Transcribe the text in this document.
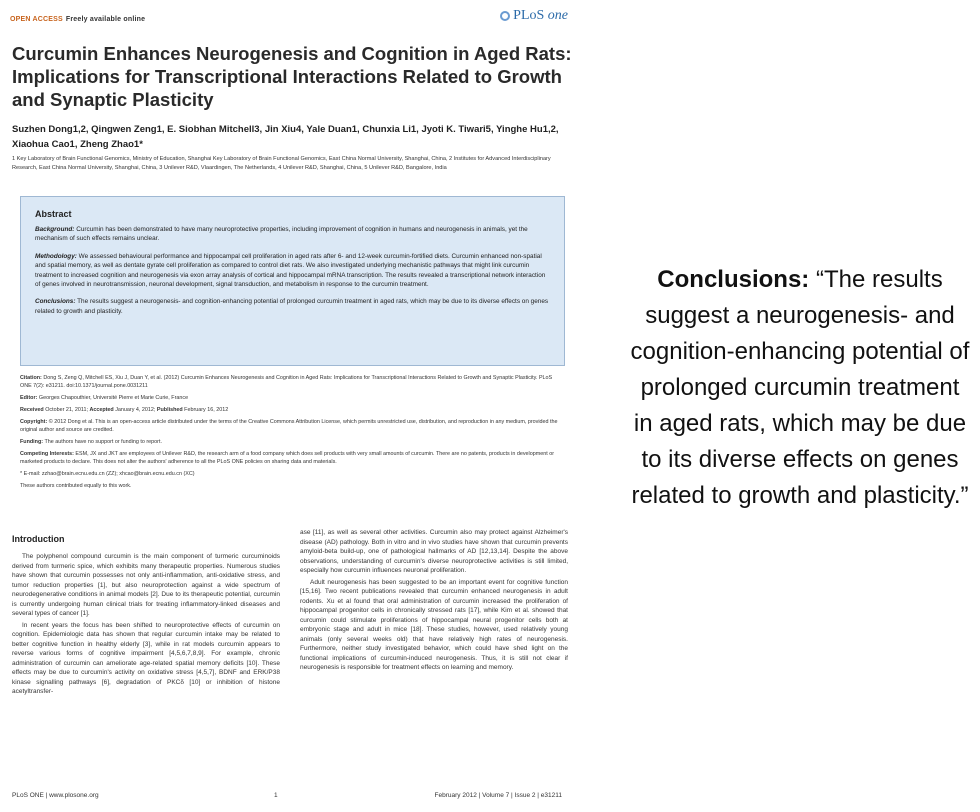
OPEN ACCESS Freely available online	PLoS one
Curcumin Enhances Neurogenesis and Cognition in Aged Rats: Implications for Transcriptional Interactions Related to Growth and Synaptic Plasticity
Suzhen Dong1,2, Qingwen Zeng1, E. Siobhan Mitchell3, Jin Xiu4, Yale Duan1, Chunxia Li1, Jyoti K. Tiwari5, Yinghe Hu1,2, Xiaohua Cao1, Zheng Zhao1*
1 Key Laboratory of Brain Functional Genomics, Ministry of Education, Shanghai Key Laboratory of Brain Functional Genomics, East China Normal University, Shanghai, China, 2 Institutes for Advanced Interdisciplinary Research, East China Normal University, Shanghai, China, 3 Unilever R&D, Vlaardingen, The Netherlands, 4 Unilever R&D, Shanghai, China, 5 Unilever R&D, Bangalore, India
Abstract

Background: Curcumin has been demonstrated to have many neuroprotective properties, including improvement of cognition in humans and neurogenesis in animals, yet the mechanism of such effects remains unclear.

Methodology: We assessed behavioural performance and hippocampal cell proliferation in aged rats after 6- and 12-week curcumin-fortified diets. Curcumin enhanced non-spatial and spatial memory, as well as dentate gyrate cell proliferation as compared to control diet rats. We also investigated underlying mechanistic pathways that might link curcumin treatment to increased cognition and neurogenesis via exon array analysis of cortical and hippocampal mRNA transcription. The results revealed a transcriptional network interaction of genes involved in neurotransmission, neuronal development, signal transduction, and metabolism in response to the curcumin treatment.

Conclusions: The results suggest a neurogenesis- and cognition-enhancing potential of prolonged curcumin treatment in aged rats, which may be due to its diverse effects on genes related to growth and plasticity.

Citation: Dong S, Zeng Q, Mitchell ES, Xiu J, Duan Y, et al. (2012) Curcumin Enhances Neurogenesis and Cognition in Aged Rats: Implications for Transcriptional Interactions Related to Growth and Synaptic Plasticity. PLoS ONE 7(2): e31211. doi:10.1371/journal.pone.0031211

Editor: Georges Chapouthier, Université Pierre et Marie Curie, France

Received October 21, 2011; Accepted January 4, 2012; Published February 16, 2012

Copyright: © 2012 Dong et al. This is an open-access article distributed under the terms of the Creative Commons Attribution License, which permits unrestricted use, distribution, and reproduction in any medium, provided the original author and source are credited.

Funding: The authors have no support or funding to report.

Competing Interests: ESM, JX and JKT are employees of Unilever R&D, the research arm of a food company which does sell products with very small amounts of curcumin. There are no patents, products in development or marketed products to declare. This does not alter the authors' adherence to all the PLoS ONE policies on sharing data and materials.

* E-mail: zzhao@brain.ecnu.edu.cn (ZZ); xhcao@brain.ecnu.edu.cn (XC)

These authors contributed equally to this work.

Introduction

The polyphenol compound curcumin is the main component of turmeric curcuminoids derived from turmeric spice, which exhibits many therapeutic properties. Numerous studies have shown that curcumin possesses not only anti-inflammation, anti-oxidative stress, and tumor reduction properties [1], but also neuroprotection against a wide spectrum of neurodegenerative conditions in animal models [2]. Due to its therapeutic potential, curcumin is currently undergoing human clinical trials for treating inflammatory-linked diseases and several types of cancer [1].

In recent years the focus has been shifted to neuroprotective effects of curcumin on cognition. Epidemiologic data has shown that regular curcumin intake may be related to better cognitive function in healthy elderly [3], while in rat models curcumin appears to reverse various forms of cognitive impairment [4,5,6,7,8,9]. For example, chronic administration of curcumin can ameliorate age-related spatial memory deficits [10]. These effects may be due to curcumin's activity on oxidative stress [4,5,7], BDNF and ERK/P38 kinase signalling pathways [6], degradation of PKCδ [10] or inhibition of histone acetyltransfer-

ase [11], as well as several other activities. Curcumin also may protect against Alzheimer's disease (AD) pathology. Both in vitro and in vivo studies have shown that curcumin prevents amyloid-beta build-up, one of pathological hallmarks of AD [12,13,14]. Despite the above observations, understanding of curcumin's diverse neuroprotective activities is still limited, especially how curcumin influences neuronal proliferation.

Adult neurogenesis has been suggested to be an important event for cognitive function [15,16]. Two recent publications revealed that curcumin enhanced neurogenesis in adult rodents. Xu et al found that oral administration of curcumin increased the proliferation of hippocampal progenitor cells in chronically stressed rats [17], while Kim et al. showed that curcumin could stimulate proliferations of hippocampal neural progenitor cells both at embryonic stage and adult in mice [18]. These studies, however, used relatively young animals (only several weeks old) that have relatively high rates of neurogenesis. Furthermore, neither study investigated behavior, which could have shed light on the functional implications of curcumin-induced neurogenesis. Thus, it is still not clear if neurogenesis is responsible for treatment effects on learning and memory.

PLoS ONE | www.plosone.org	1	February 2012 | Volume 7 | Issue 2 | e31211
Conclusions: “The results suggest a neurogenesis- and cognition-enhancing potential of prolonged curcumin treatment in aged rats, which may be due to its diverse effects on genes related to growth and plasticity.”
